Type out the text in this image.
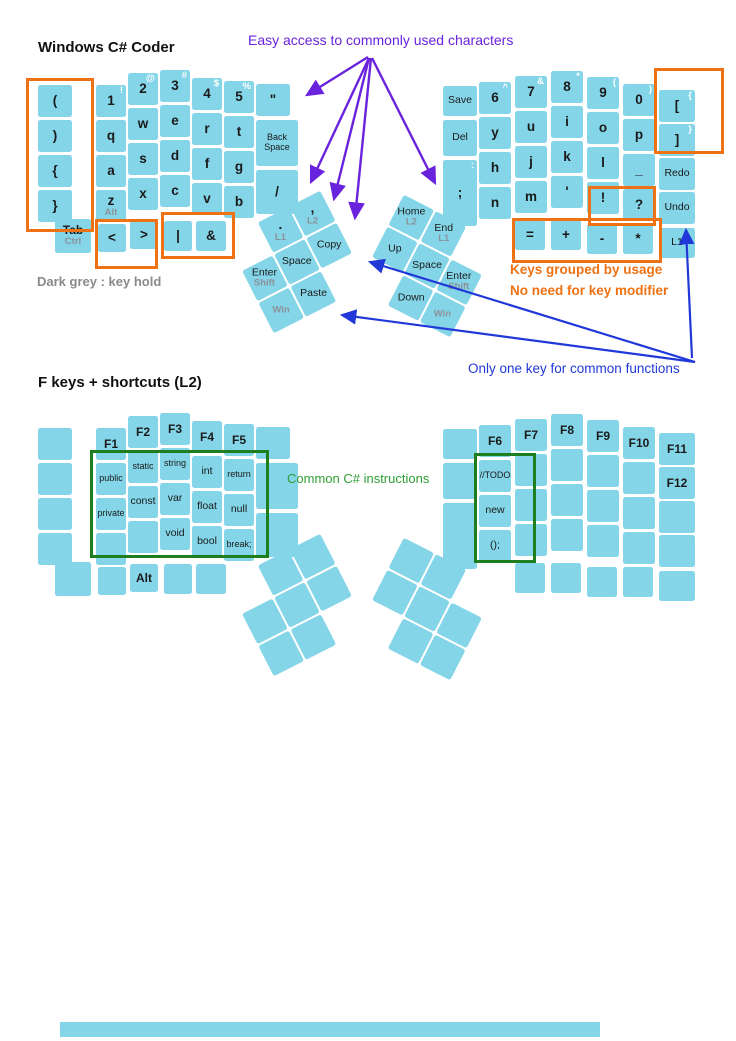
Windows C# Coder	Easy access to commonly used characters
Dark grey : key hold
Keys grouped by usage
No need for key modifier
Only one key for common functions
F keys + shortcuts (L2)
Common C# instructions
(
)
{
}
!
1
q
a
z
Alt
@
2
w
s
x
#
3
e
d
c
$
4
r
f
v
%
5
t
g
b
"
Back Space
/
Tab
Ctrl < > | &
Save
Del
:
;
^
6
y
h
n
&
7
u
j
m
*
8
i
k
'
(
9
o
l
!
)
0
p
_
?
{
[
}
]
Redo
Undo
= + - *	L1
.
L1
,
L2
Enter
Shift
Space
Copy
Win
Paste
Home
L2 End
L1
Up
Space
Enter
Shift
Down
Win
F1
public
private
F2
static
const
F3
string
var
void
F4
int
float
bool
F5
return
null
break;
Alt
F6
//TODO
new
();
F7 F8 F9 F10 F11
F12
